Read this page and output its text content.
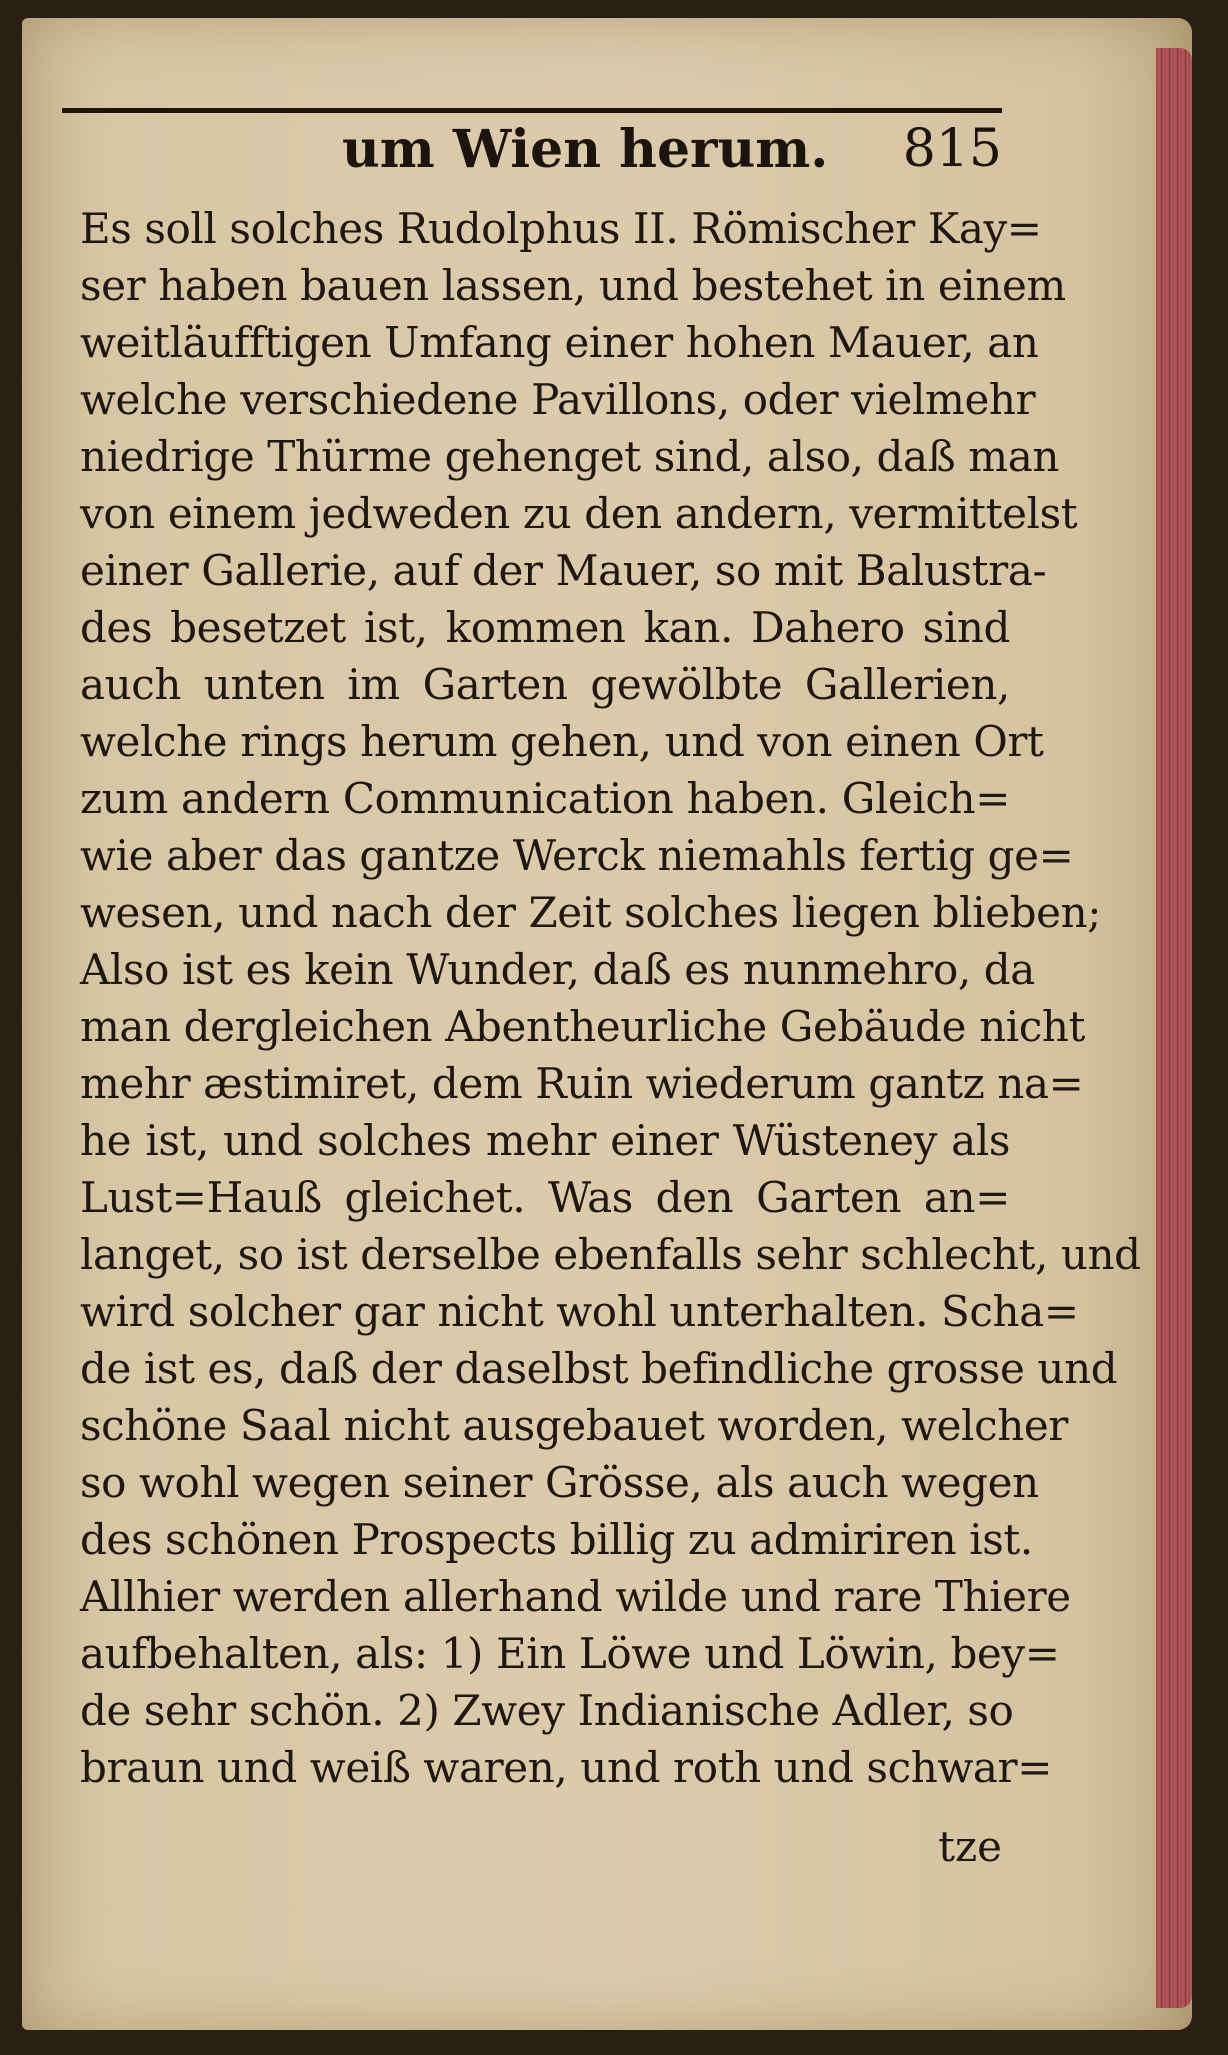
um Wien herum. 815
Es soll solches Rudolphus II. Römischer Kay=
ser haben bauen lassen, und bestehet in einem
weitläufftigen Umfang einer hohen Mauer, an
welche verschiedene Pavillons, oder vielmehr
niedrige Thürme gehenget sind, also, daß man
von einem jedweden zu den andern, vermittelst
einer Gallerie, auf der Mauer, so mit Balustra-
des besetzet ist, kommen kan. Dahero sind
auch unten im Garten gewölbte Gallerien,
welche rings herum gehen, und von einen Ort
zum andern Communication haben. Gleich=
wie aber das gantze Werck niemahls fertig ge=
wesen, und nach der Zeit solches liegen blieben;
Also ist es kein Wunder, daß es nunmehro, da
man dergleichen Abentheurliche Gebäude nicht
mehr æstimiret, dem Ruin wiederum gantz na=
he ist, und solches mehr einer Wüsteney als
Lust=Hauß gleichet. Was den Garten an=
langet, so ist derselbe ebenfalls sehr schlecht, und
wird solcher gar nicht wohl unterhalten. Scha=
de ist es, daß der daselbst befindliche grosse und
schöne Saal nicht ausgebauet worden, welcher
so wohl wegen seiner Grösse, als auch wegen
des schönen Prospects billig zu admiriren ist.
Allhier werden allerhand wilde und rare Thiere
aufbehalten, als: 1) Ein Löwe und Löwin, bey=
de sehr schön. 2) Zwey Indianische Adler, so
braun und weiß waren, und roth und schwar=
tze
